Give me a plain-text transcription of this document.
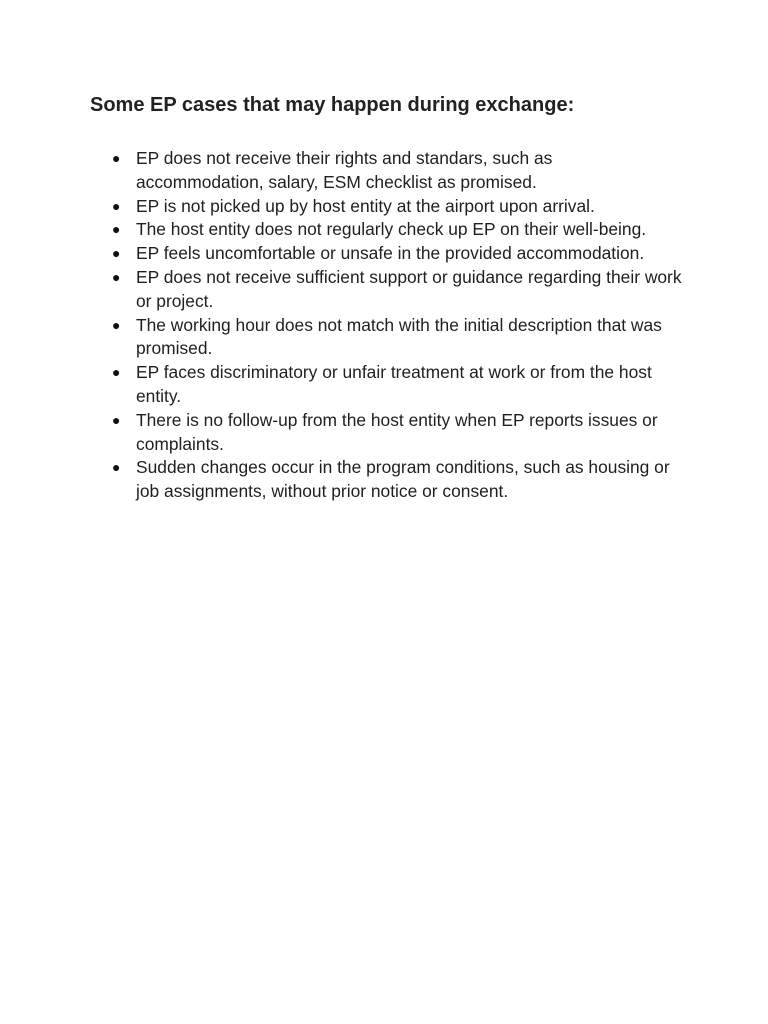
Some EP cases that may happen during exchange:
● EP does not receive their rights and standars, such as accommodation, salary, ESM checklist as promised.
● EP is not picked up by host entity at the airport upon arrival.
● The host entity does not regularly check up EP on their well-being.
● EP feels uncomfortable or unsafe in the provided accommodation.
● EP does not receive sufficient support or guidance regarding their work or project.
● The working hour does not match with the initial description that was promised.
● EP faces discriminatory or unfair treatment at work or from the host entity.
● There is no follow-up from the host entity when EP reports issues or complaints.
● Sudden changes occur in the program conditions, such as housing or job assignments, without prior notice or consent.
